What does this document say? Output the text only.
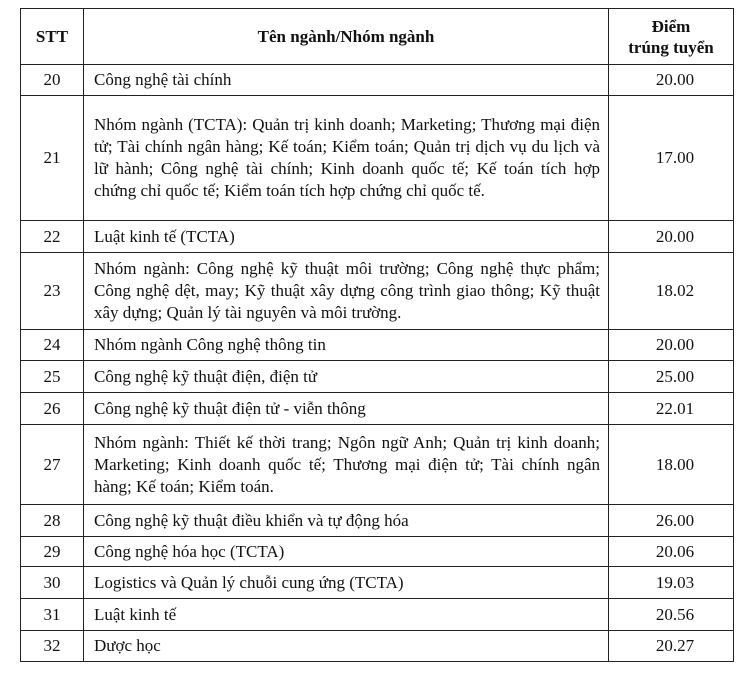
STT	Tên ngành/Nhóm ngành	Điểm
trúng tuyển

20	Công nghệ tài chính	20.00
21	Nhóm ngành (TCTA): Quản trị kinh doanh; Marketing; Thương mại điện tử; Tài chính ngân hàng; Kế toán; Kiểm toán; Quản trị dịch vụ du lịch và lữ hành; Công nghệ tài chính; Kinh doanh quốc tế; Kế toán tích hợp chứng chỉ quốc tế; Kiểm toán tích hợp chứng chỉ quốc tế.	17.00
22	Luật kinh tế (TCTA)	20.00
23	Nhóm ngành: Công nghệ kỹ thuật môi trường; Công nghệ thực phẩm; Công nghệ dệt, may; Kỹ thuật xây dựng công trình giao thông; Kỹ thuật xây dựng; Quản lý tài nguyên và môi trường.	18.02
24	Nhóm ngành Công nghệ thông tin	20.00
25	Công nghệ kỹ thuật điện, điện tử	25.00
26	Công nghệ kỹ thuật điện tử - viễn thông	22.01
27	Nhóm ngành: Thiết kế thời trang; Ngôn ngữ Anh; Quản trị kinh doanh; Marketing; Kinh doanh quốc tế; Thương mại điện tử; Tài chính ngân hàng; Kế toán; Kiểm toán.	18.00
28	Công nghệ kỹ thuật điều khiển và tự động hóa	26.00
29	Công nghệ hóa học (TCTA)	20.06
30	Logistics và Quản lý chuỗi cung ứng (TCTA)	19.03
31	Luật kinh tế	20.56
32	Dược học	20.27
